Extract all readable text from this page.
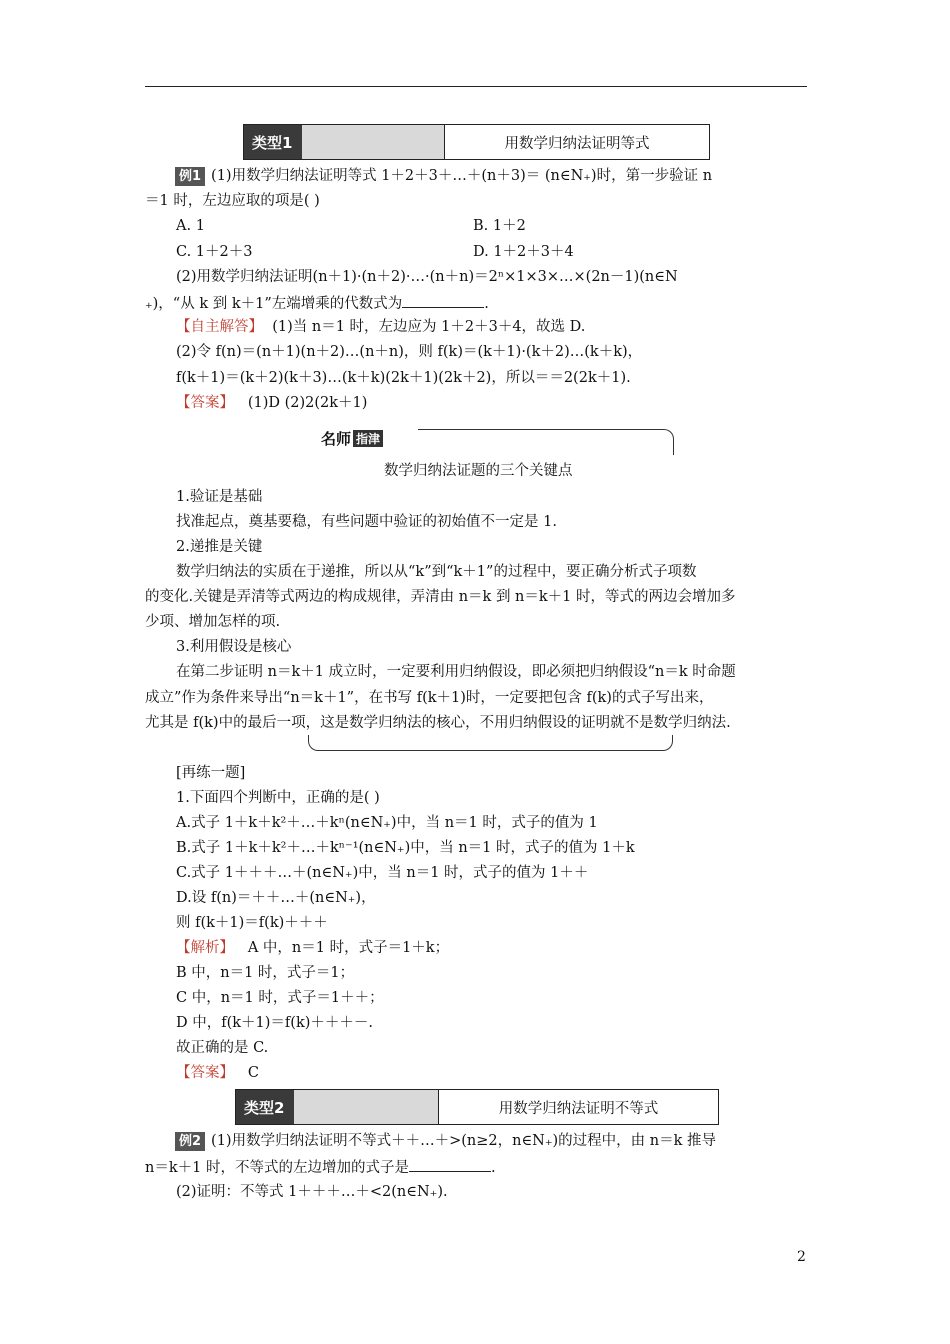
类型1	用数学归纳法证明等式
例1 (1)用数学归纳法证明等式 1＋2＋3＋…＋(n＋3)＝ (n∈N₊)时，第一步验证 n
＝1 时，左边应取的项是( )
A. 1	B. 1＋2
C. 1＋2＋3	D. 1＋2＋3＋4
(2)用数学归纳法证明(n＋1)·(n＋2)·…·(n＋n)＝2ⁿ×1×3×…×(2n－1)(n∈N
₊)，“从 k 到 k＋1”左端增乘的代数式为	.
【自主解答】 (1)当 n＝1 时，左边应为 1＋2＋3＋4，故选 D.
(2)令 f(n)＝(n＋1)(n＋2)…(n＋n)，则 f(k)＝(k＋1)·(k＋2)…(k＋k)，
f(k＋1)＝(k＋2)(k＋3)…(k＋k)(2k＋1)(2k＋2)，所以＝＝2(2k＋1).
【答案】 (1)D (2)2(2k＋1)
名师 指津
数学归纳法证题的三个关键点
1.验证是基础
找准起点，奠基要稳，有些问题中验证的初始值不一定是 1.
2.递推是关键
数学归纳法的实质在于递推，所以从“k”到“k＋1”的过程中，要正确分析式子项数
的变化.关键是弄清等式两边的构成规律，弄清由 n＝k 到 n＝k＋1 时，等式的两边会增加多
少项、增加怎样的项.
3.利用假设是核心
在第二步证明 n＝k＋1 成立时，一定要利用归纳假设，即必须把归纳假设“n＝k 时命题
成立”作为条件来导出“n＝k＋1”，在书写 f(k＋1)时，一定要把包含 f(k)的式子写出来，
尤其是 f(k)中的最后一项，这是数学归纳法的核心，不用归纳假设的证明就不是数学归纳法.
[再练一题]
1.下面四个判断中，正确的是( )
A.式子 1＋k＋k²＋…＋kⁿ(n∈N₊)中，当 n＝1 时，式子的值为 1
B.式子 1＋k＋k²＋…＋kⁿ⁻¹(n∈N₊)中，当 n＝1 时，式子的值为 1＋k
C.式子 1＋＋＋…＋(n∈N₊)中，当 n＝1 时，式子的值为 1＋＋
D.设 f(n)＝＋＋…＋(n∈N₊)，
则 f(k＋1)＝f(k)＋＋＋
【解析】 A 中，n＝1 时，式子＝1＋k；
B 中，n＝1 时，式子＝1；
C 中，n＝1 时，式子＝1＋＋；
D 中，f(k＋1)＝f(k)＋＋＋－.
故正确的是 C.
【答案】 C
类型2	用数学归纳法证明不等式
例2 (1)用数学归纳法证明不等式＋＋…＋>(n≥2，n∈N₊)的过程中，由 n＝k 推导
n＝k＋1 时，不等式的左边增加的式子是	.
(2)证明：不等式 1＋＋＋…＋<2(n∈N₊).
2
